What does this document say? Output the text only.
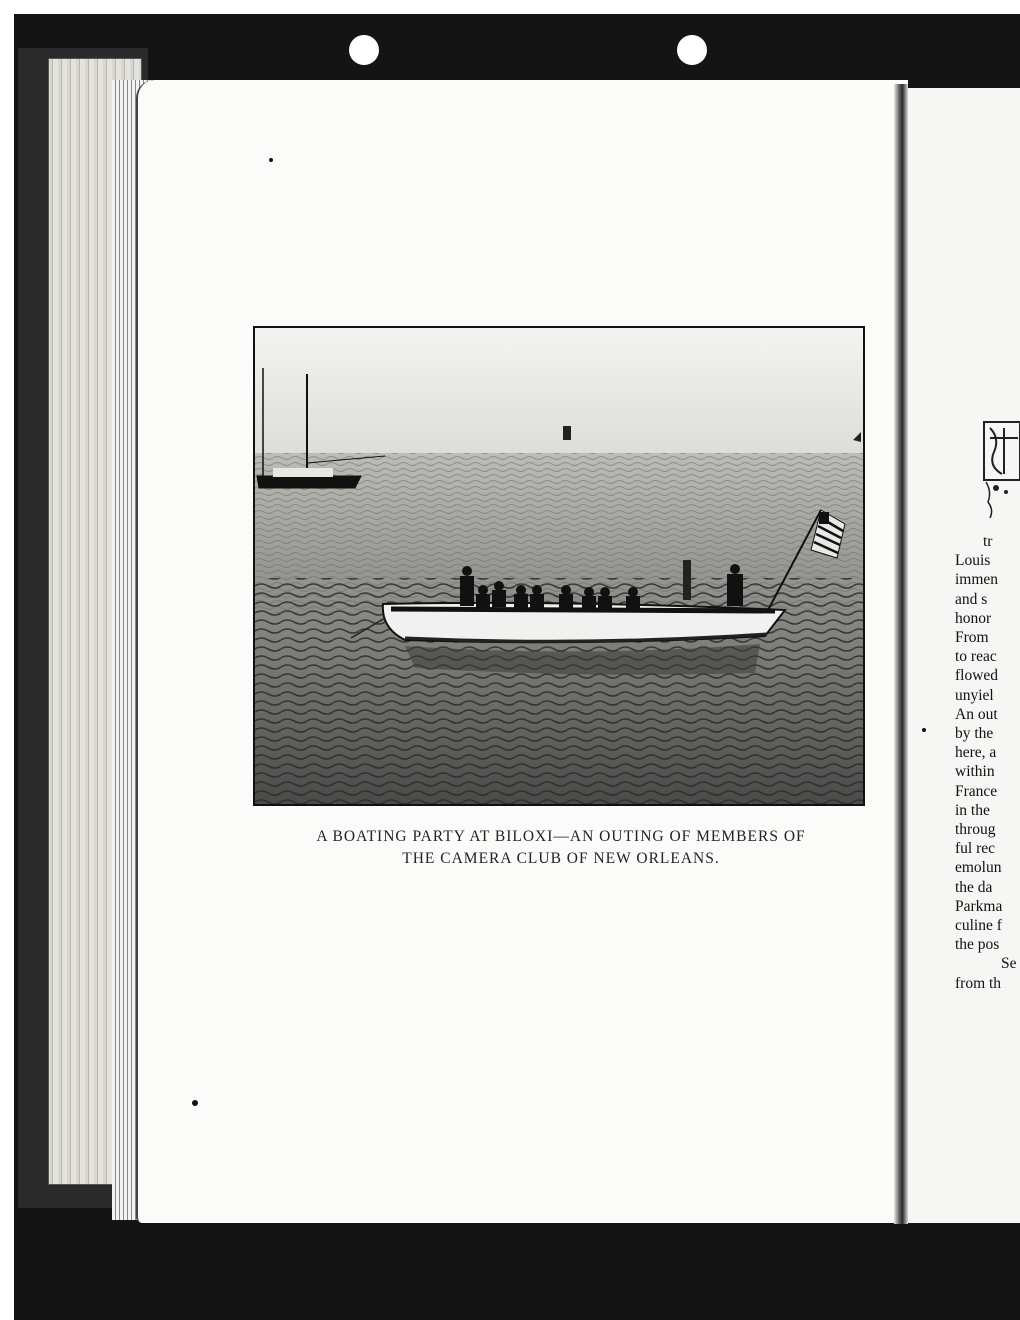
A BOATING PARTY AT BILOXI—AN OUTING OF MEMBERS OF
THE CAMERA CLUB OF NEW ORLEANS.
tr
Louis
immen
and s
honor
From
to reac
flowed
unyiel
An out
by the
here, a
within
France
in the
throug
ful rec
emolun
the da
Parkma
culine f
the pos
Se
from th
